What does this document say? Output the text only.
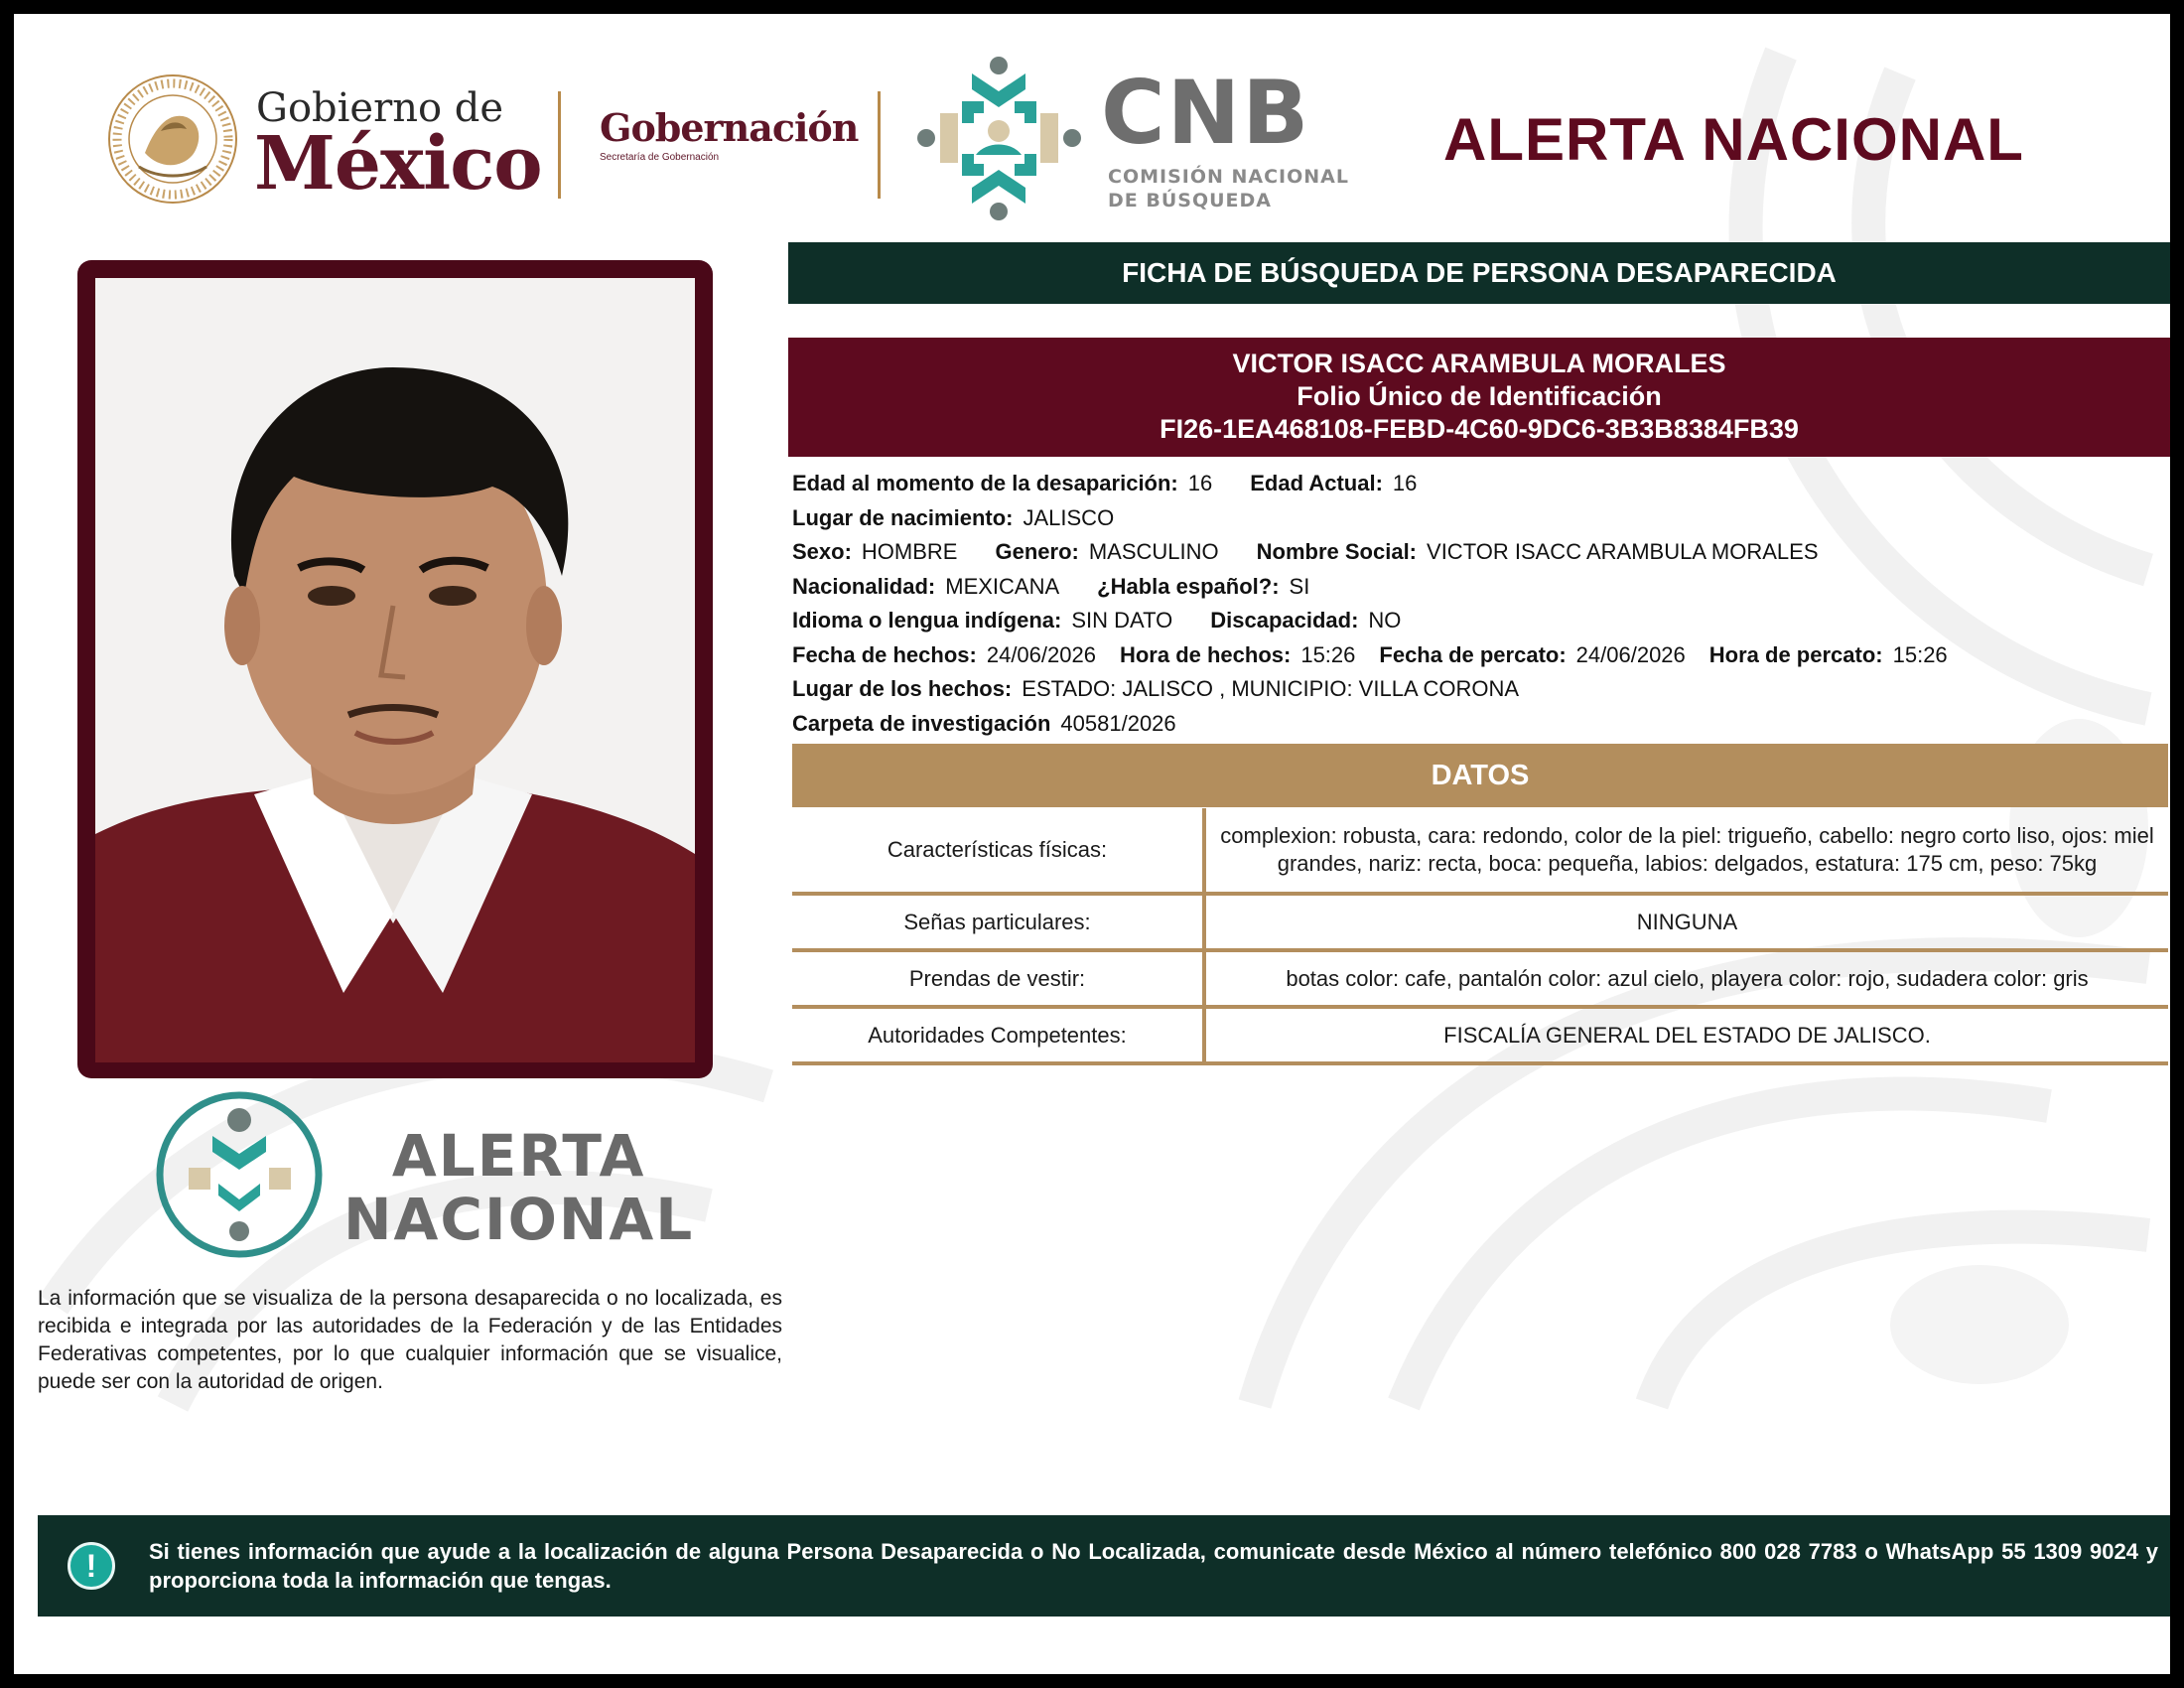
Gobierno de
México Gobernación
Secretaría de Gobernación	CNB
COMISIÓN NACIONAL
DE BÚSQUEDA
ALERTA NACIONAL
ALERTA
NACIONAL
La información que se visualiza de la persona desaparecida o no localizada, es recibida e integrada por las autoridades de la Federación y de las Entidades Federativas competentes, por lo que cualquier información que se visualice, puede ser con la autoridad de origen.
FICHA DE BÚSQUEDA DE PERSONA DESAPARECIDA
VICTOR ISACC ARAMBULA MORALES
Folio Único de Identificación
FI26-1EA468108-FEBD-4C60-9DC6-3B3B8384FB39
Edad al momento de la desaparición: 16 Edad Actual: 16
Lugar de nacimiento: JALISCO
Sexo: HOMBRE Genero: MASCULINO Nombre Social: VICTOR ISACC ARAMBULA MORALES
Nacionalidad: MEXICANA ¿Habla español?: SI
Idioma o lengua indígena: SIN DATO Discapacidad: NO
Fecha de hechos: 24/06/2026 Hora de hechos: 15:26 Fecha de percato: 24/06/2026 Hora de percato: 15:26
Lugar de los hechos: ESTADO: JALISCO , MUNICIPIO: VILLA CORONA
Carpeta de investigación 40581/2026
DATOS
Características físicas:	complexion: robusta, cara: redondo, color de la piel: trigueño, cabello: negro corto liso, ojos: miel grandes, nariz: recta, boca: pequeña, labios: delgados, estatura: 175 cm, peso: 75kg
Señas particulares:	NINGUNA
Prendas de vestir:	botas color: cafe, pantalón color: azul cielo, playera color: rojo, sudadera color: gris
Autoridades Competentes:	FISCALÍA GENERAL DEL ESTADO DE JALISCO.
!	Si tienes información que ayude a la localización de alguna Persona Desaparecida o No Localizada, comunicate desde México al número telefónico 800 028 7783 o WhatsApp 55 1309 9024 y proporciona toda la información que tengas.
